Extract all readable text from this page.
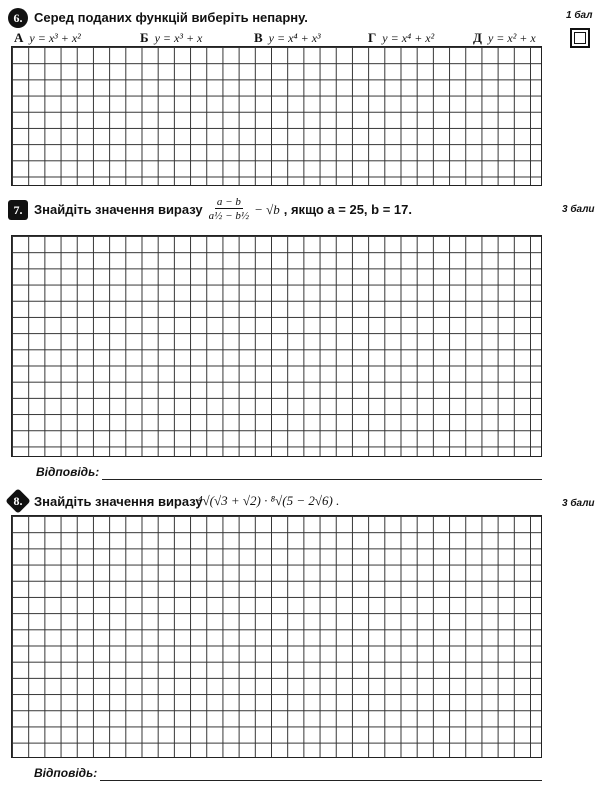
6. Серед поданих функцій виберіть непарну.	1 бал
А y = x³ + x²	Б y = x³ + x	В y = x⁴ + x³	Г y = x⁴ + x²	Д y = x² + x
7. Знайдіть значення виразу $\frac{a - b}{\text{a½ − b½}} - √b$ , якщо a = 25, b = 17.	3 бали
Відповідь:
8. Знайдіть значення виразу
⁴√(√3 + √2) · ⁸√(5 − 2√6) .	3 бали
Відповідь:
